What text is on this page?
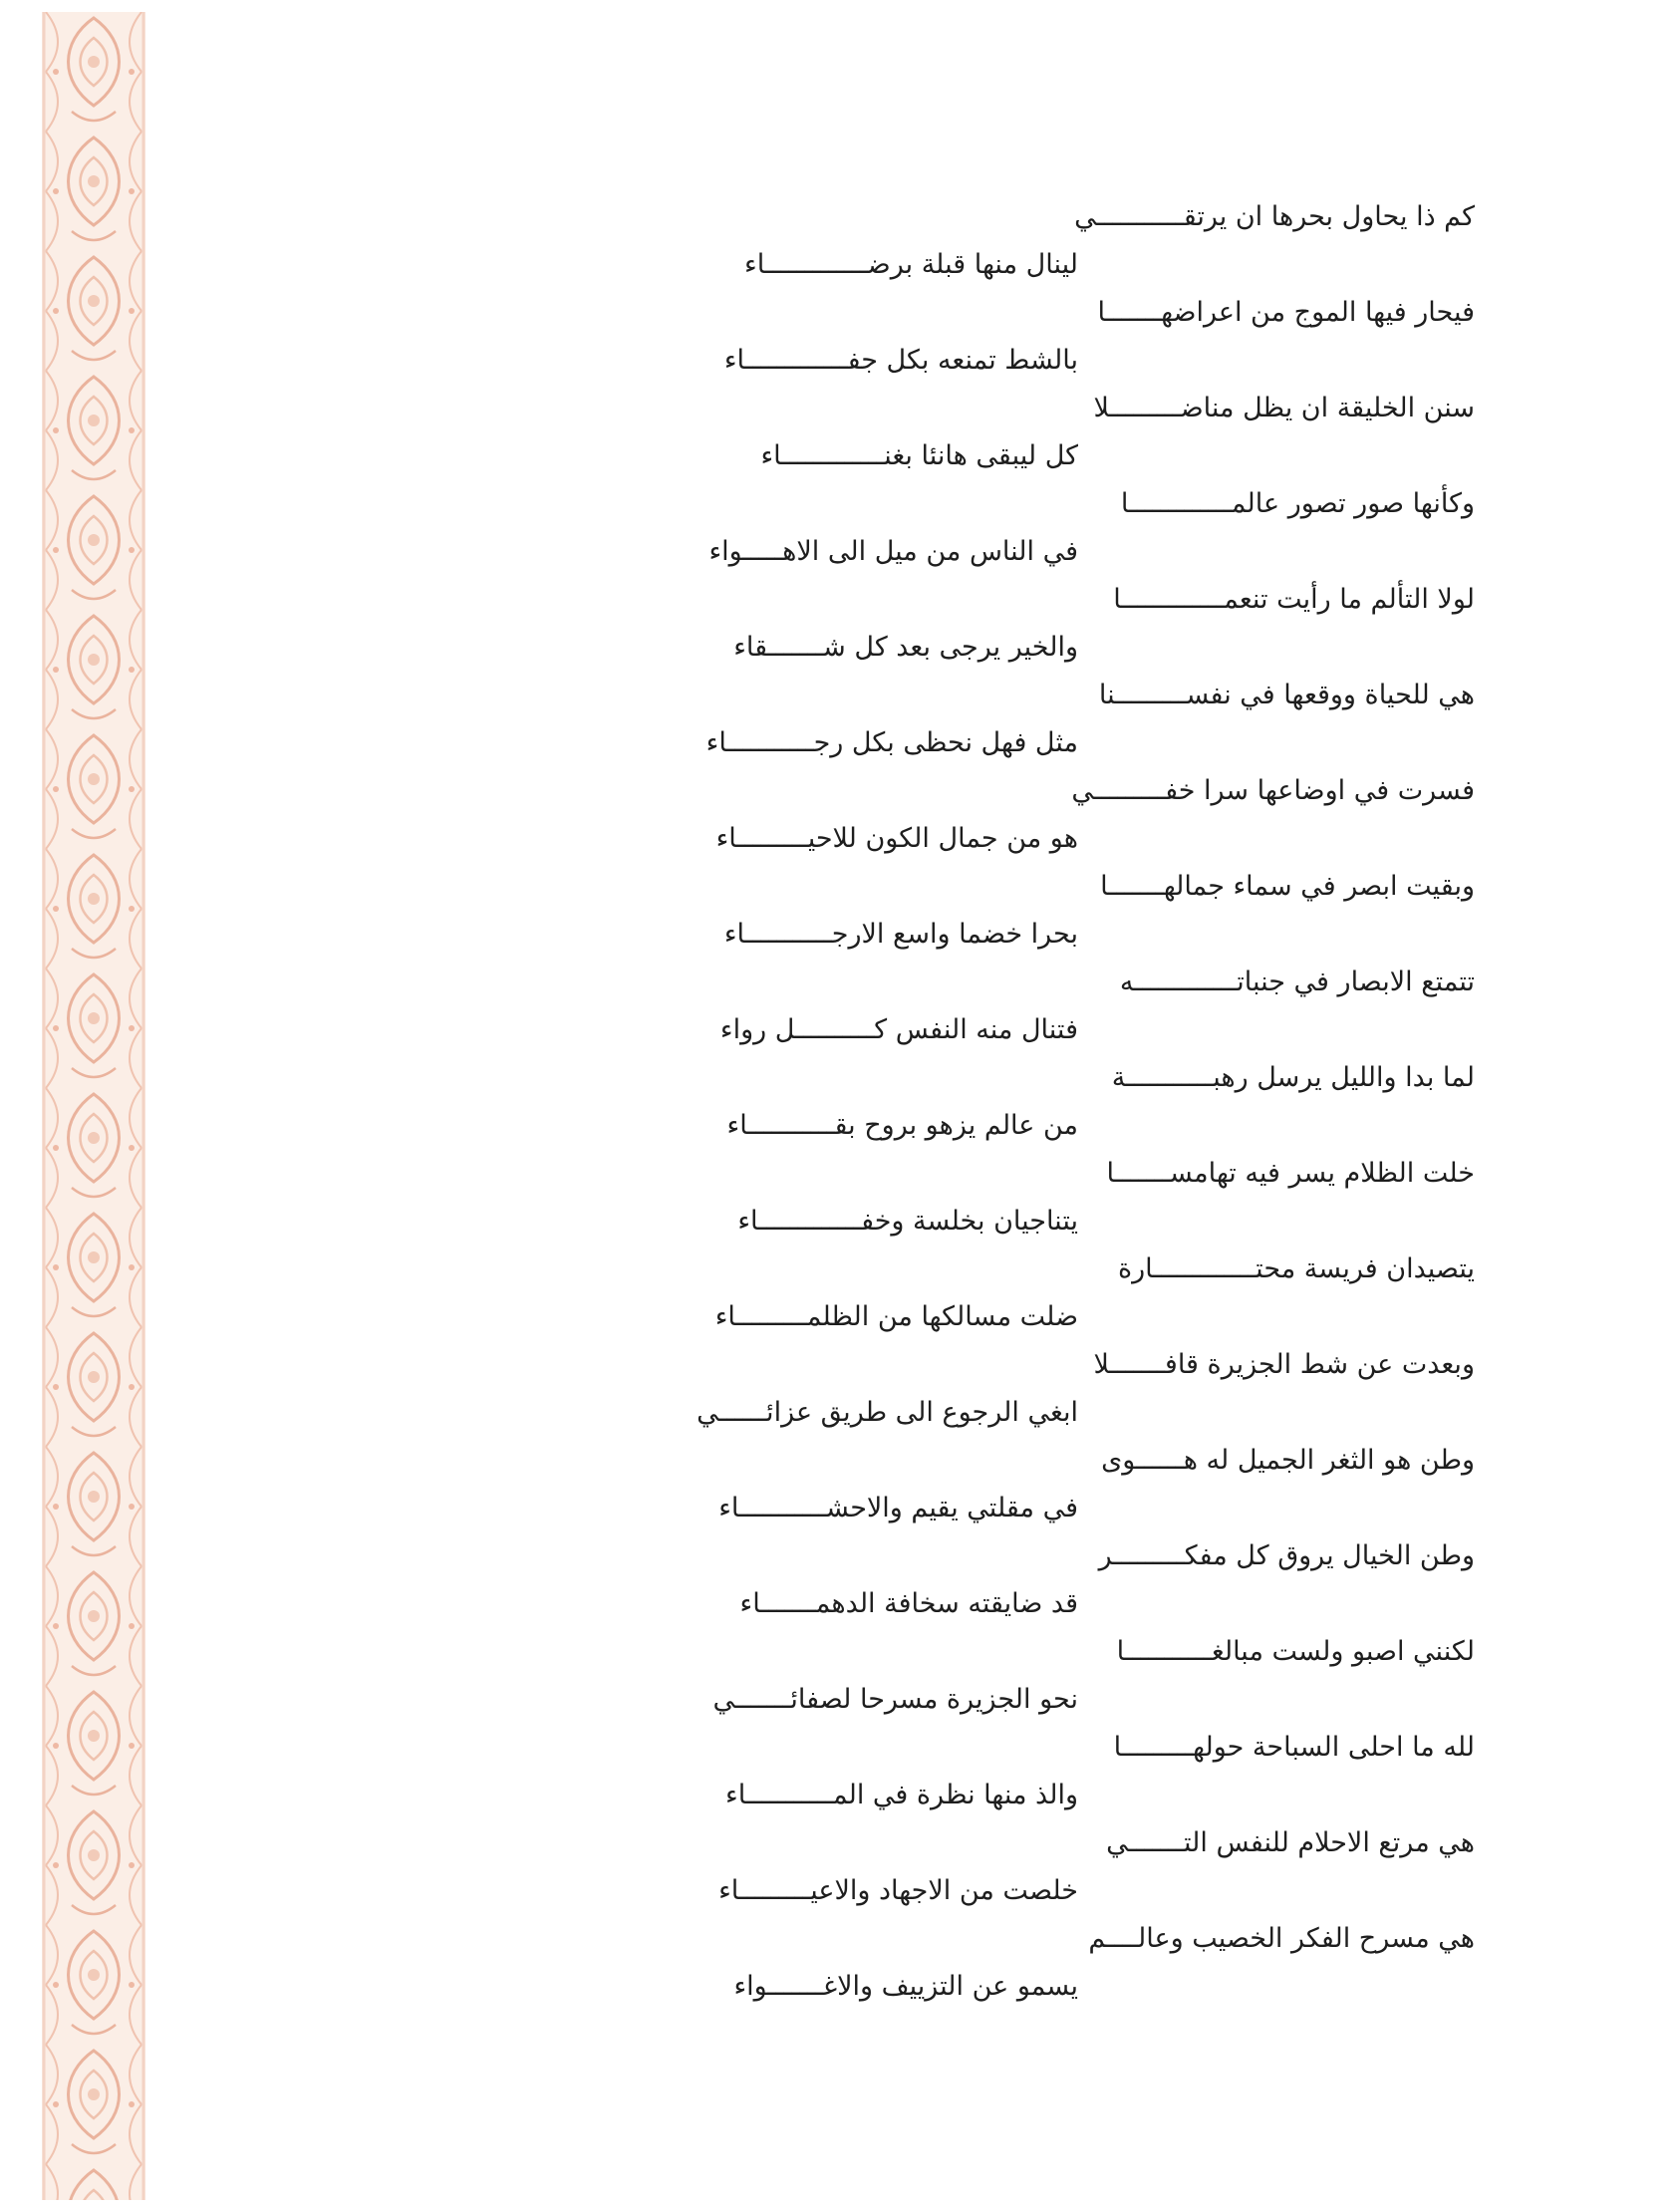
كم ذا يحاول بحرها ان يرتقـــــــــــي
لينال منها قبلة برضـــــــــــــاء
فيحار فيها الموج من اعراضهـــــــا
بالشط تمنعه بكل جفـــــــــــــاء
سنن الخليقة ان يظل مناضـــــــــلا
كل ليبقى هانئا بغنـــــــــــــاء
وكأنها صور تصور عالمـــــــــــــا
في الناس من ميل الى الاهـــــواء
لولا التألم ما رأيت تنعمـــــــــــــا
والخير يرجى بعد كل شـــــــقاء
هي للحياة ووقعها في نفســـــــــنا
مثل فهل نحظى بكل رجـــــــــــاء
فسرت في اوضاعها سرا خفـــــــــي
هو من جمال الكون للاحيـــــــــاء
وبقيت ابصر في سماء جمالهـــــــا
بحرا خضما واسع الارجـــــــــــاء
تتمتع الابصار في جنباتـــــــــــــه
فتنال منه النفس كــــــــــل رواء
لما بدا والليل يرسل رهبـــــــــــة
من عالم يزهو بروح بقـــــــــــاء
خلت الظلام يسر فيه تهامســـــــا
يتناجيان بخلسة وخفـــــــــــــاء
يتصيدان فريسة محتـــــــــــــارة
ضلت مسالكها من الظلمـــــــــاء
وبعدت عن شط الجزيرة قافـــــــلا
ابغي الرجوع الى طريق عزائــــــي
وطن هو الثغر الجميل له هــــــوى
في مقلتي يقيم والاحشـــــــــــاء
وطن الخيال يروق كل مفكـــــــــر
قد ضايقته سخافة الدهمـــــــاء
لكنني اصبو ولست مبالغـــــــــــا
نحو الجزيرة مسرحا لصفائـــــــي
لله ما احلى السباحة حولهـــــــــا
والذ منها نظرة في المـــــــــــاء
هي مرتع الاحلام للنفس التـــــــي
خلصت من الاجهاد والاعيـــــــــاء
هي مسرح الفكر الخصيب وعالــــم
يسمو عن التزييف والاغـــــــواء
